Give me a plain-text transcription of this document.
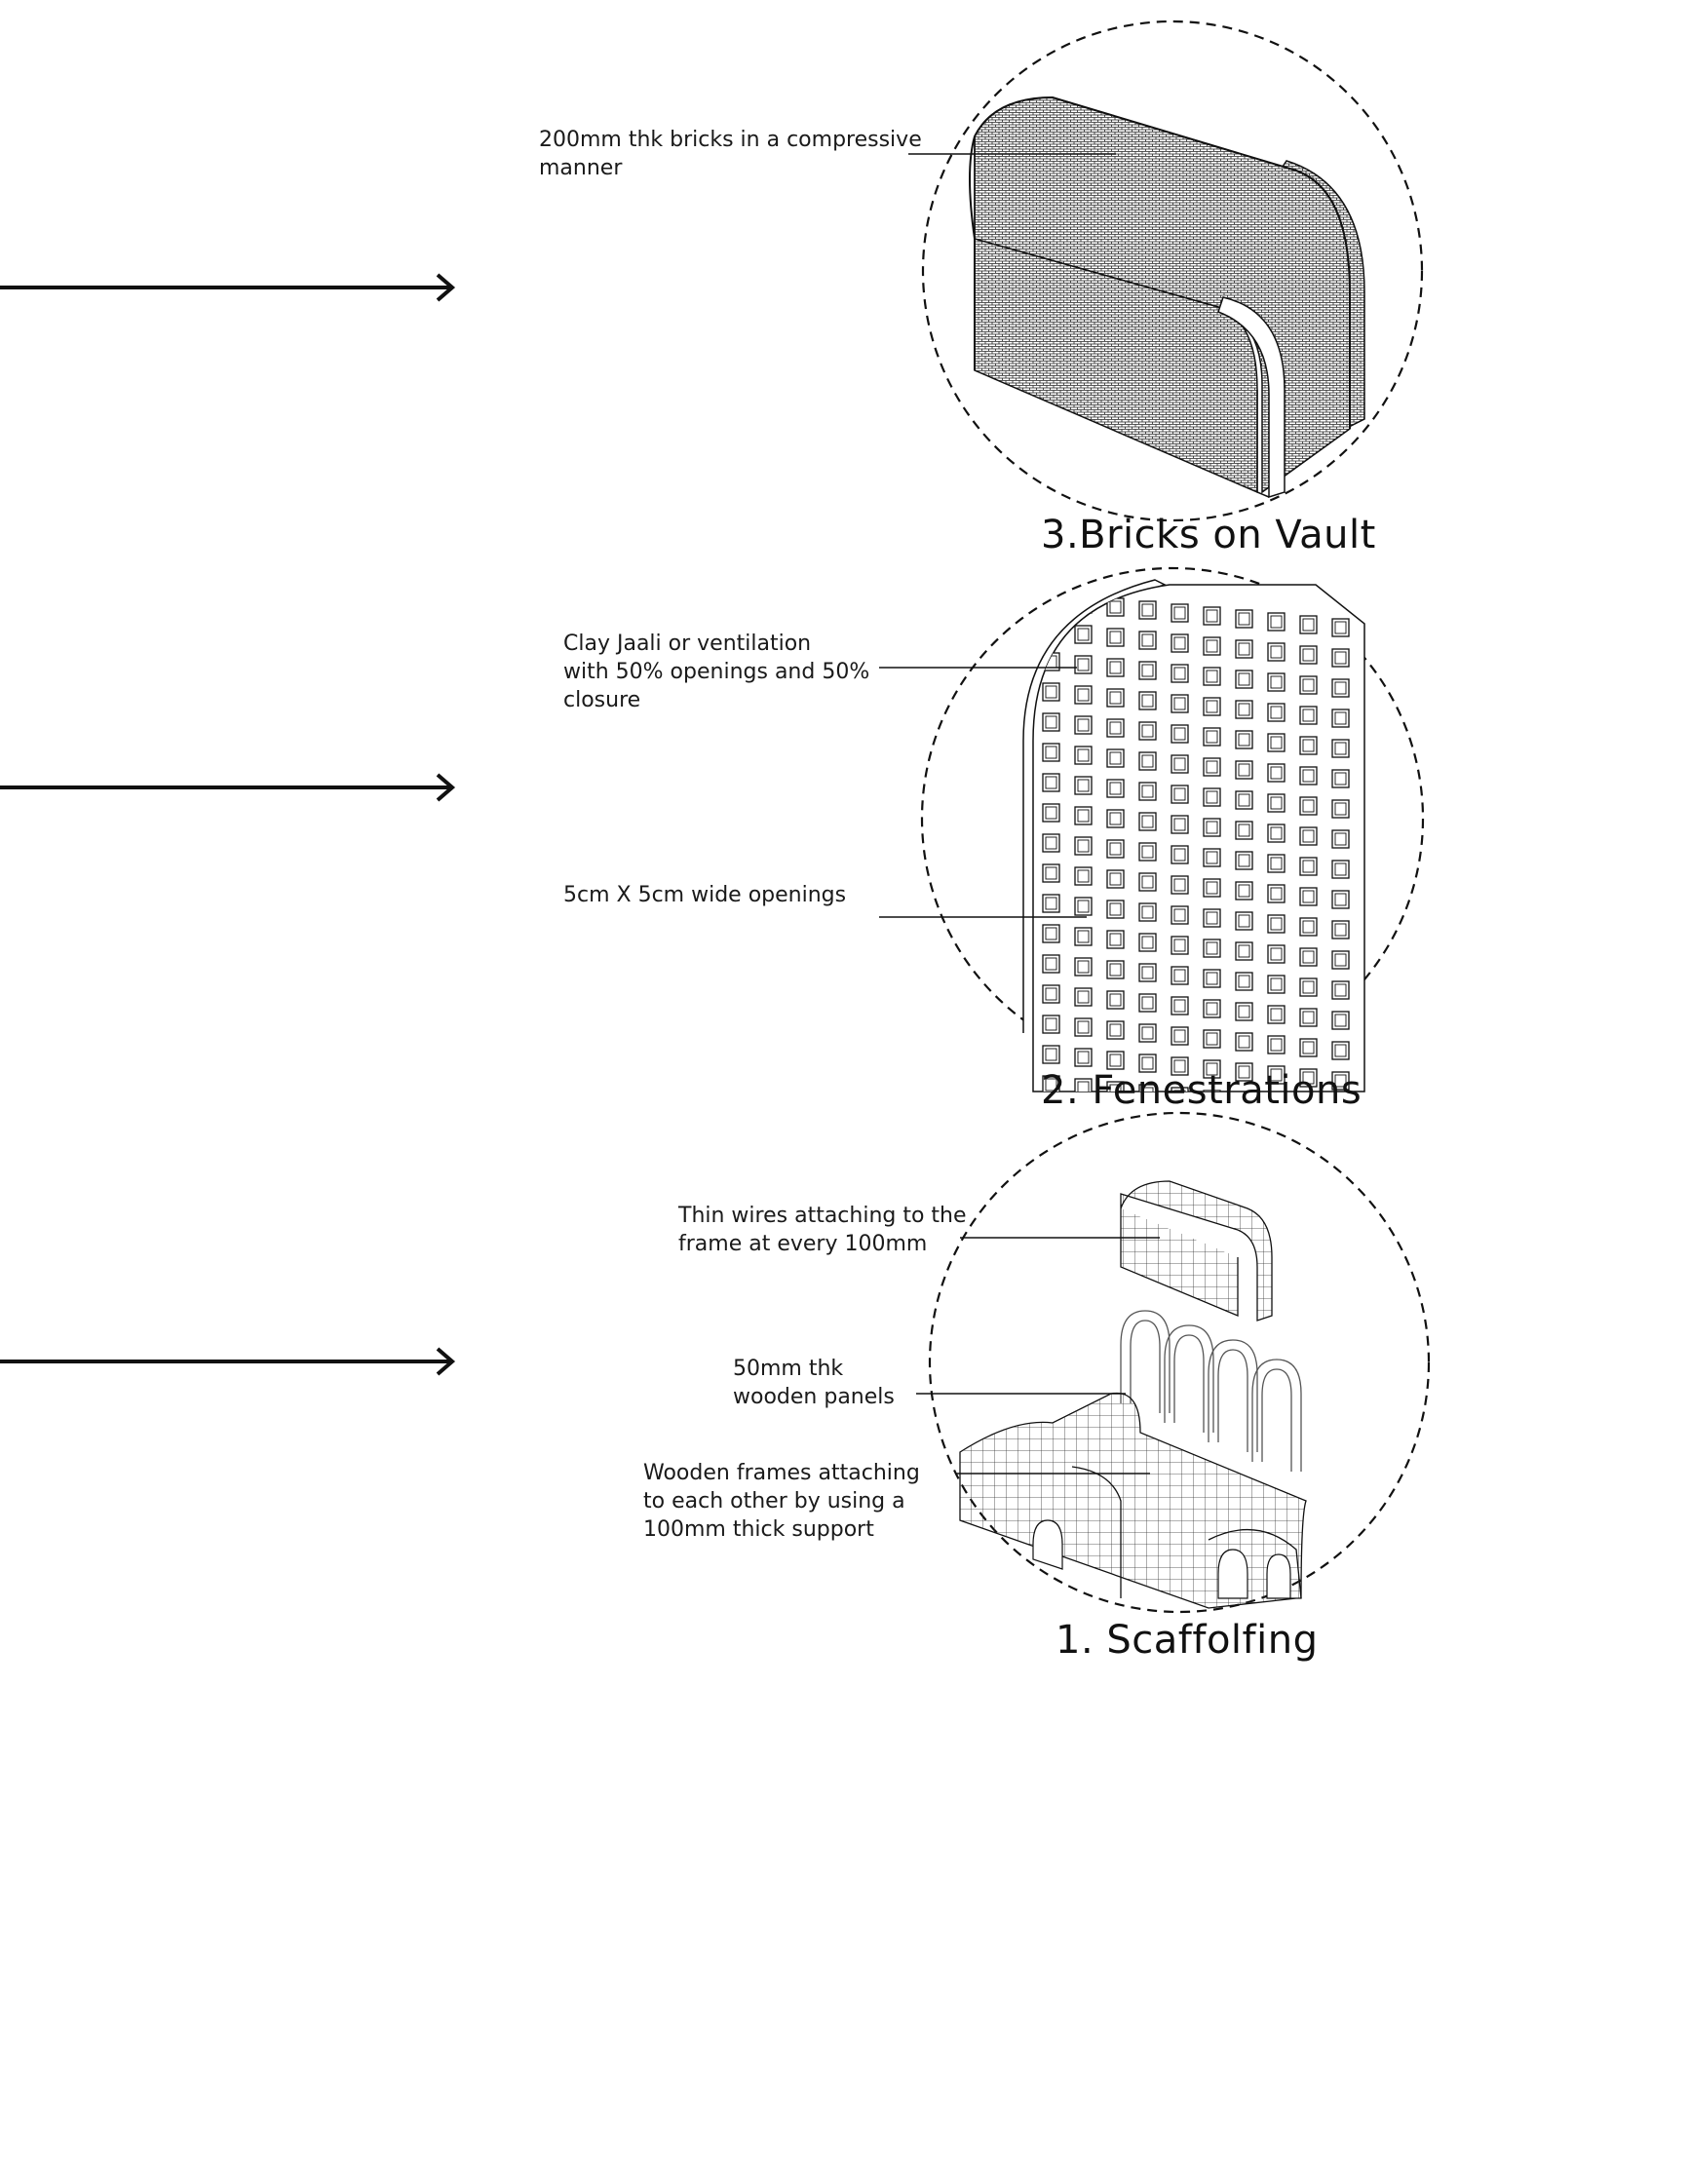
200mm thk bricks in a compressive
manner
3.Bricks on Vault
Clay Jaali or ventilation
with 50% openings and 50%
closure
5cm X 5cm wide openings
2. Fenestrations
Thin wires attaching to the
frame at every 100mm
50mm thk
wooden panels
Wooden frames attaching
to each other by using a
100mm thick support
1. Scaffolfing
